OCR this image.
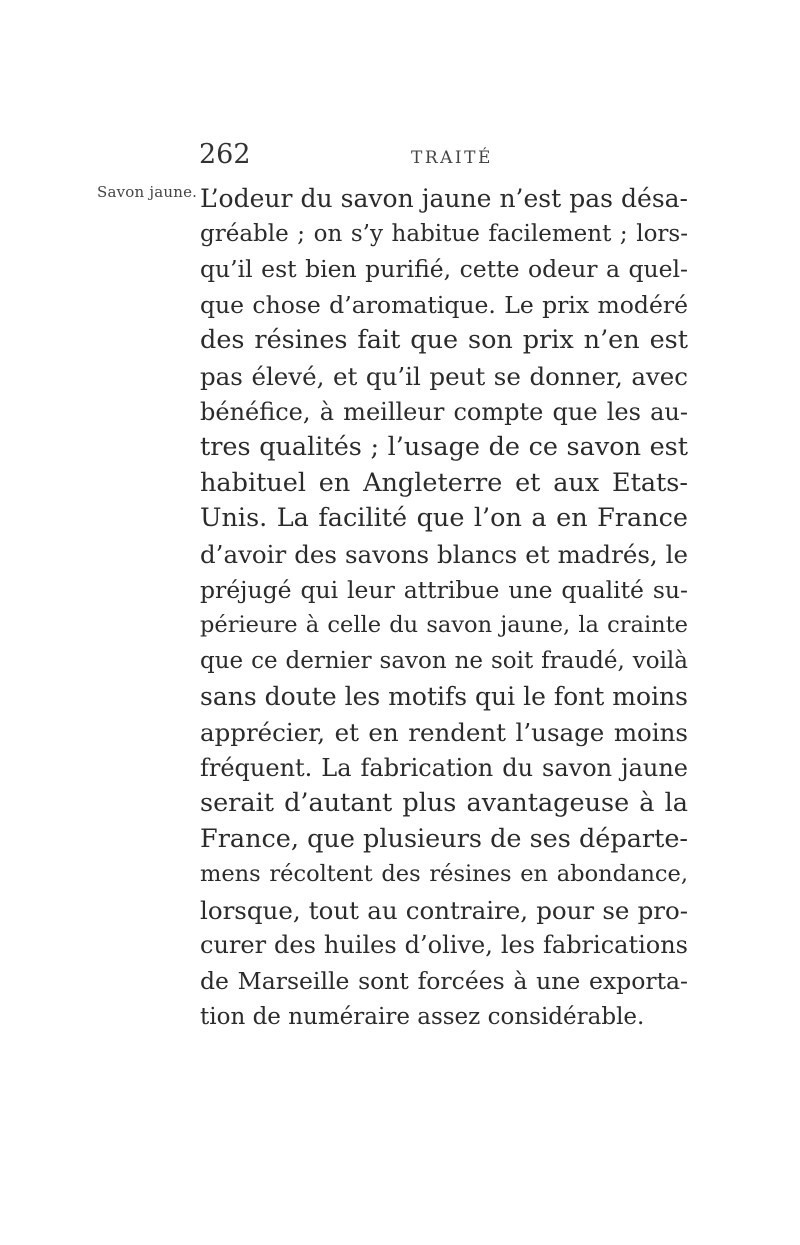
262	TRAITÉ
Savon jaune. L’odeur du savon jaune n’est pas désa-
gréable ; on s’y habitue facilement ; lors-
qu’il est bien purifié, cette odeur a quel-
que chose d’aromatique. Le prix modéré
des résines fait que son prix n’en est
pas élevé, et qu’il peut se donner, avec
bénéfice, à meilleur compte que les au-
tres qualités ; l’usage de ce savon est
habituel en Angleterre et aux Etats-
Unis. La facilité que l’on a en France
d’avoir des savons blancs et madrés, le
préjugé qui leur attribue une qualité su-
périeure à celle du savon jaune, la crainte
que ce dernier savon ne soit fraudé, voilà
sans doute les motifs qui le font moins
apprécier, et en rendent l’usage moins
fréquent. La fabrication du savon jaune
serait d’autant plus avantageuse à la
France, que plusieurs de ses départe-
mens récoltent des résines en abondance,
lorsque, tout au contraire, pour se pro-
curer des huiles d’olive, les fabrications
de Marseille sont forcées à une exporta-
tion de numéraire assez considérable.
